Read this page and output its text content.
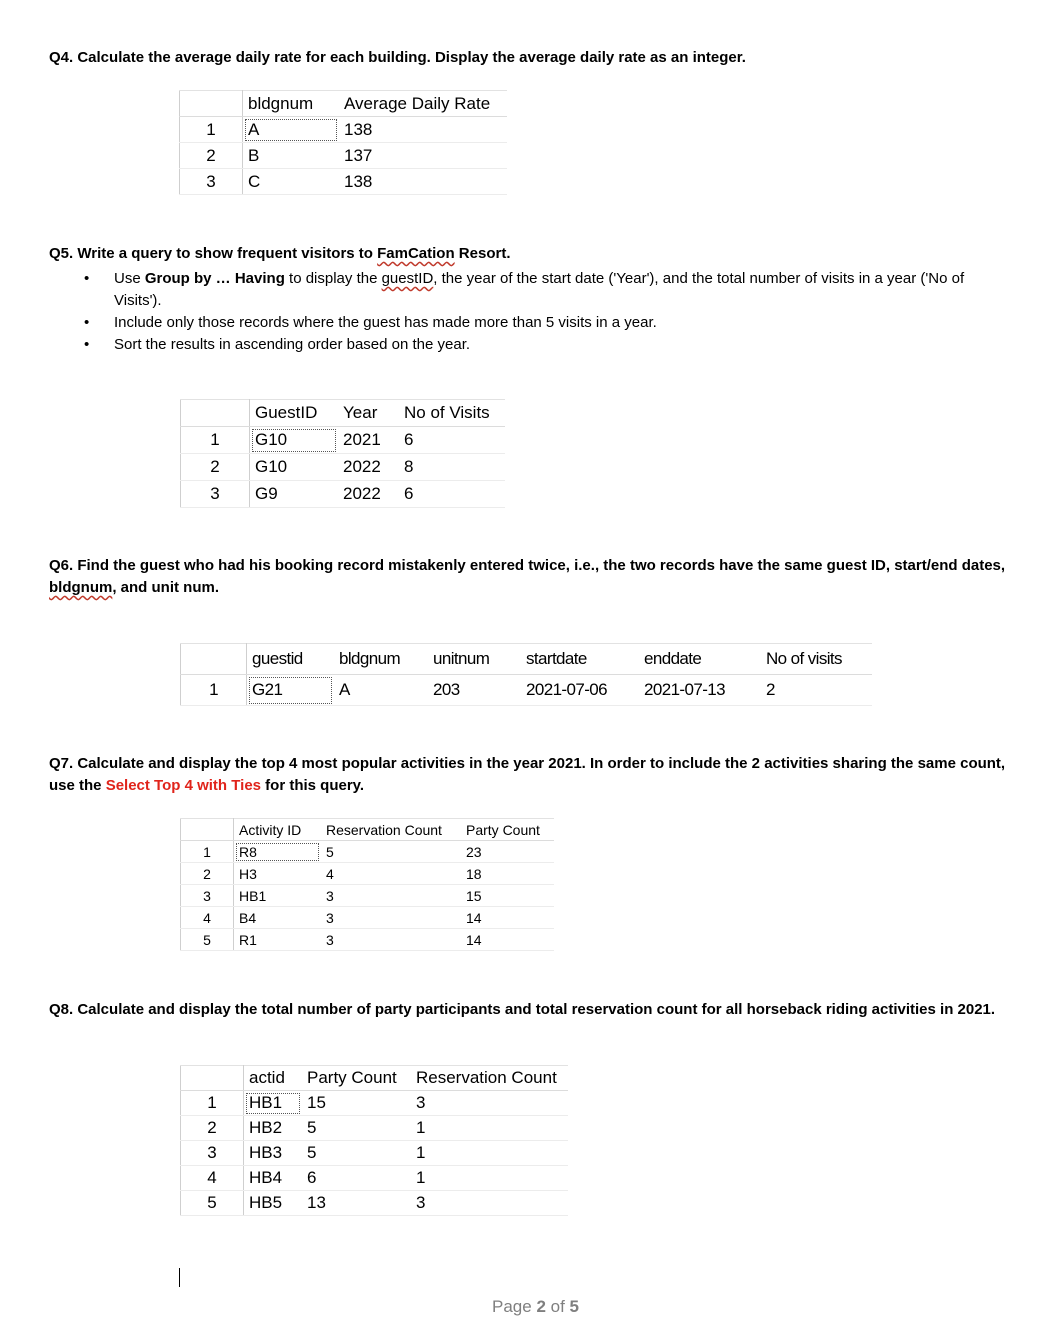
Q4. Calculate the average daily rate for each building. Display the average daily rate as an integer.
	bldgnum	Average Daily Rate
1	A	138
2	B	137
3	C	138
Q5. Write a query to show frequent visitors to FamCation Resort.
• Use Group by … Having to display the guestID, the year of the start date ('Year'), and the total number of visits in a year ('No of Visits').
• Include only those records where the guest has made more than 5 visits in a year.
• Sort the results in ascending order based on the year.
	GuestID	Year	No of Visits
1	G10	2021	6
2	G10	2022	8
3	G9	2022	6
Q6. Find the guest who had his booking record mistakenly entered twice, i.e., the two records have the same guest ID, start/end dates, bldgnum, and unit num.
	guestid	bldgnum	unitnum	startdate	enddate	No of visits
1	G21	A	203	2021-07-06	2021-07-13	2
Q7. Calculate and display the top 4 most popular activities in the year 2021. In order to include the 2 activities sharing the same count, use the Select Top 4 with Ties for this query.
	Activity ID	Reservation Count	Party Count
1	R8	5	23
2	H3	4	18
3	HB1	3	15
4	B4	3	14
5	R1	3	14
Q8. Calculate and display the total number of party participants and total reservation count for all horseback riding activities in 2021.
	actid	Party Count	Reservation Count
1	HB1	15	3
2	HB2	5	1
3	HB3	5	1
4	HB4	6	1
5	HB5	13	3
Page 2 of 5
